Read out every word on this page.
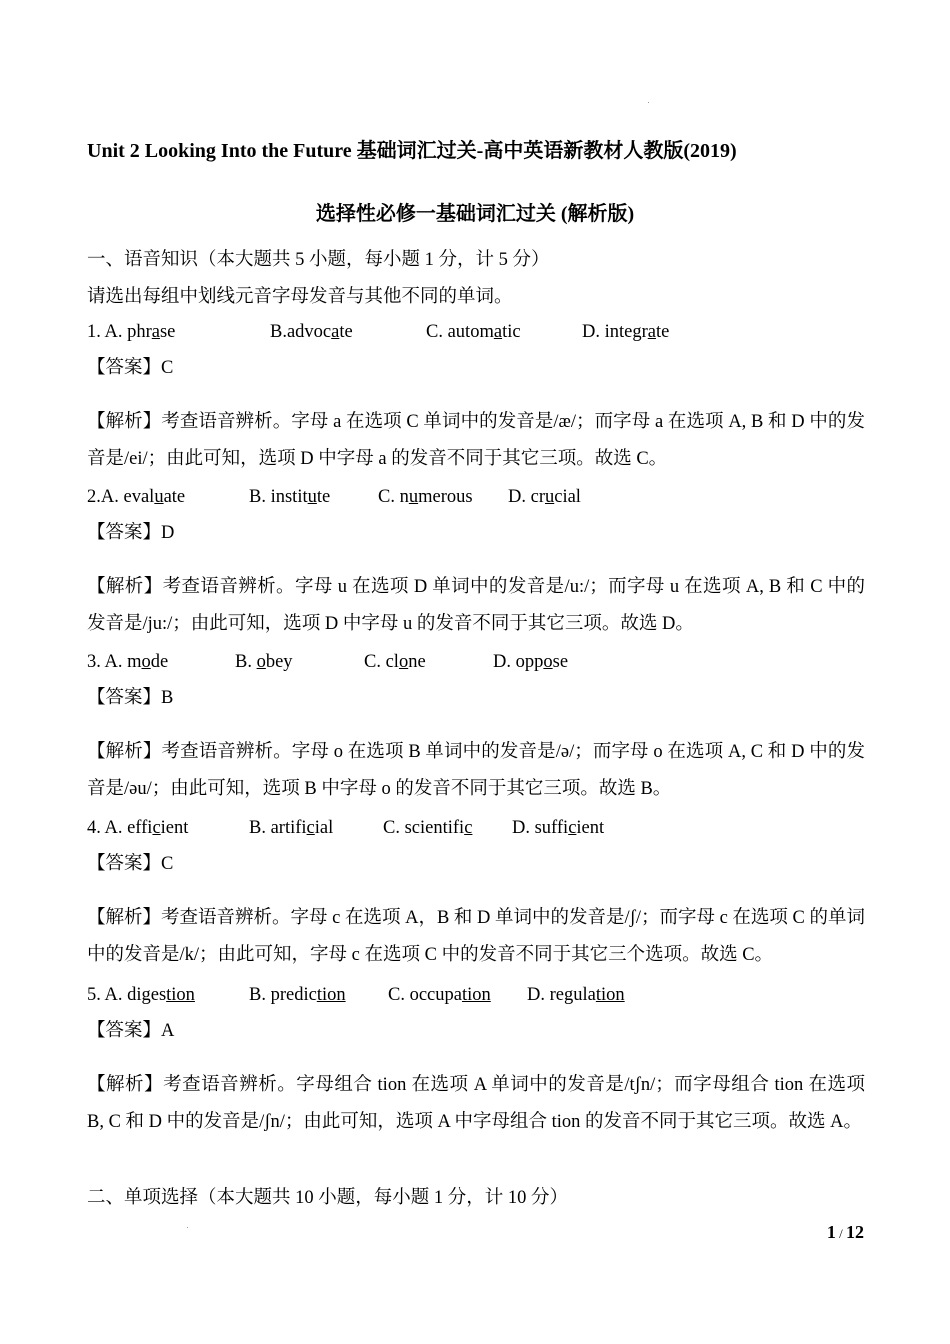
Unit 2 Looking Into the Future 基础词汇过关-高中英语新教材人教版(2019)
选择性必修一基础词汇过关 (解析版)
一、语音知识（本大题共 5 小题，每小题 1 分，计 5 分）
请选出每组中划线元音字母发音与其他不同的单词。
1. A. phrase	B.advocate	C. automatic	D. integrate
【答案】C
【解析】考查语音辨析。字母 a 在选项 C 单词中的发音是/æ/；而字母 a 在选项 A, B 和 D 中的发音是/ei/；由此可知，选项 D 中字母 a 的发音不同于其它三项。故选 C。
2.A. evaluate	B. institute	C. numerous D. crucial
【答案】D
【解析】考查语音辨析。字母 u 在选项 D 单词中的发音是/u:/；而字母 u 在选项 A, B 和 C 中的发音是/ju:/；由此可知，选项 D 中字母 u 的发音不同于其它三项。故选 D。
3. A. mode	B. obey	C. clone	D. oppose
【答案】B
【解析】考查语音辨析。字母 o 在选项 B 单词中的发音是/ə/；而字母 o 在选项 A, C 和 D 中的发音是/əu/；由此可知，选项 B 中字母 o 的发音不同于其它三项。故选 B。
4. A. efficient	B. artificial	C. scientific D. sufficient
【答案】C
【解析】考查语音辨析。字母 c 在选项 A，B 和 D 单词中的发音是/ʃ/；而字母 c 在选项 C 的单词中的发音是/k/；由此可知，字母 c 在选项 C 中的发音不同于其它三个选项。故选 C。
5. A. digestion	B. prediction C. occupation D. regulation
【答案】A
【解析】考查语音辨析。字母组合 tion 在选项 A 单词中的发音是/tʃn/；而字母组合 tion 在选项 B, C 和 D 中的发音是/ʃn/；由此可知，选项 A 中字母组合 tion 的发音不同于其它三项。故选 A。
二、单项选择（本大题共 10 小题，每小题 1 分，计 10 分）
1 / 12
